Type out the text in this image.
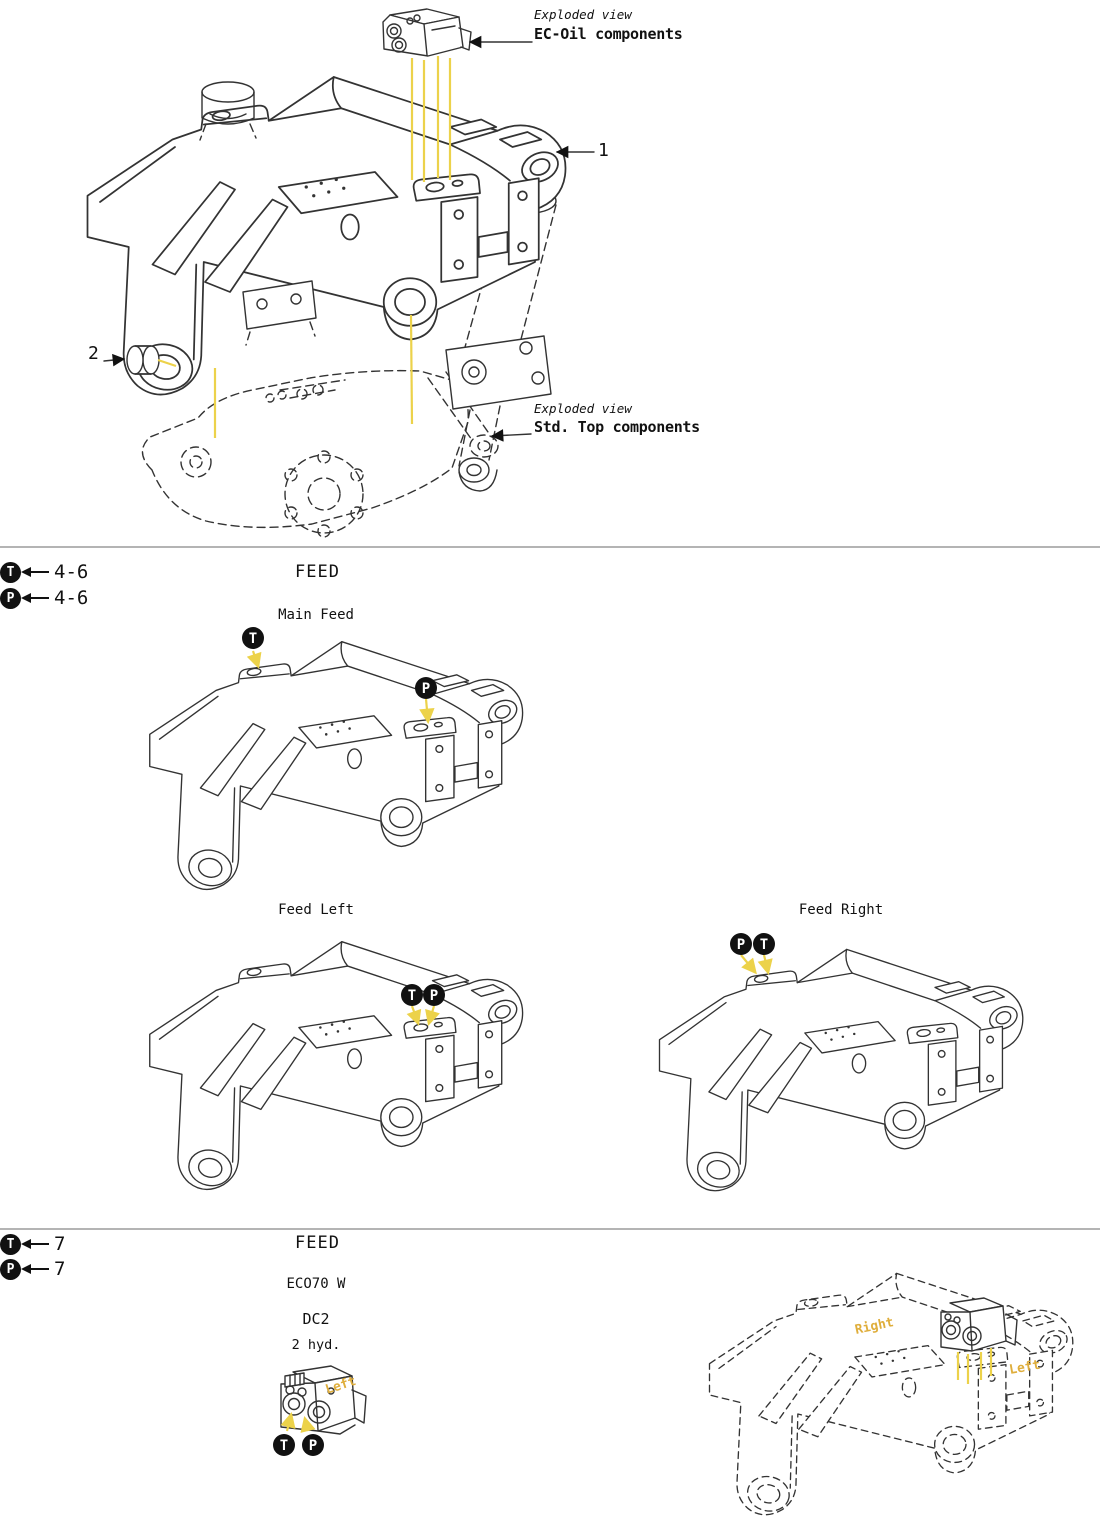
T
P
T P
P T
Left
T P
Right
Left
Exploded view
EC-Oil components
Exploded view
Std. Top components
1
2
FEED
Main Feed
Feed Left	Feed Right
T	4-6
P	4-6
FEED
ECO70 W
DC2
2 hyd.
T	7
P	7
